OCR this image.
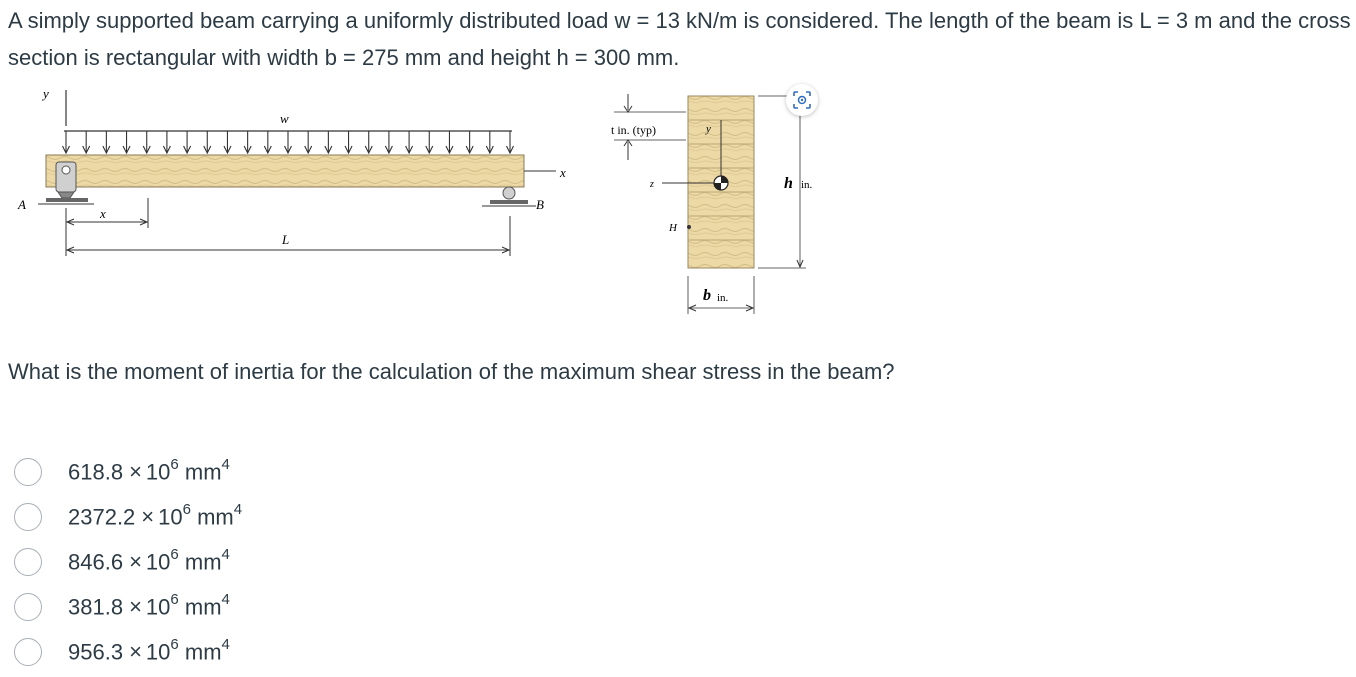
A simply supported beam carrying a uniformly distributed load w = 13 kN/m is considered. The length of the beam is L = 3 m and the cross section is rectangular with width b = 275 mm and height h = 300 mm.
y
w
x
A	B
x
L
t in. (typ)	y
z
H
h in.
b in.
What is the moment of inertia for the calculation of the maximum shear stress in the beam?
$618.8 \times 10^6$ $mm^4$
$2372.2 \times 10^6$ $mm^4$
$846.6 \times 10^6$ $mm^4$
$381.8 \times 10^6$ $mm^4$
$956.3 \times 10^6$ $mm^4$
